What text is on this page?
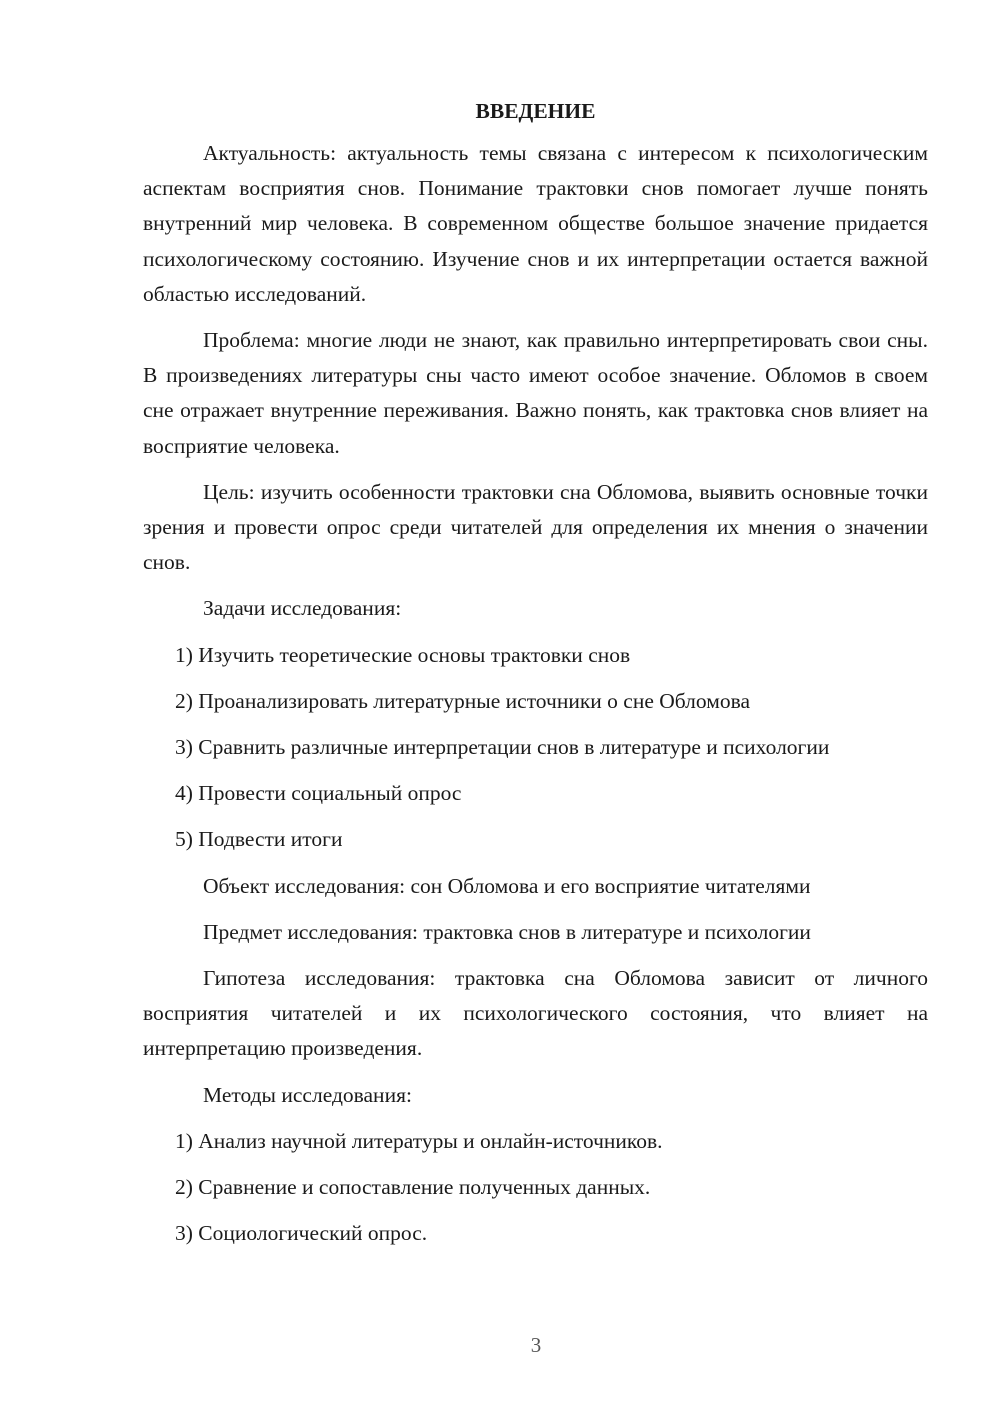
ВВЕДЕНИЕ

Актуальность: актуальность темы связана с интересом к психологическим аспектам восприятия снов. Понимание трактовки снов помогает лучше понять внутренний мир человека. В современном обществе большое значение придается психологическому состоянию. Изучение снов и их интерпретации остается важной областью исследований.

Проблема: многие люди не знают, как правильно интерпретировать свои сны. В произведениях литературы сны часто имеют особое значение. Обломов в своем сне отражает внутренние переживания. Важно понять, как трактовка снов влияет на восприятие человека.

Цель: изучить особенности трактовки сна Обломова, выявить основные точки зрения и провести опрос среди читателей для определения их мнения о значении снов.

Задачи исследования:

1) Изучить теоретические основы трактовки снов

2) Проанализировать литературные источники о сне Обломова

3) Сравнить различные интерпретации снов в литературе и психологии

4) Провести социальный опрос

5) Подвести итоги

Объект исследования: сон Обломова и его восприятие читателями

Предмет исследования: трактовка снов в литературе и психологии

Гипотеза исследования: трактовка сна Обломова зависит от личного восприятия читателей и их психологического состояния, что влияет на интерпретацию произведения.

Методы исследования:

1) Анализ научной литературы и онлайн-источников.

2) Сравнение и сопоставление полученных данных.

3) Социологический опрос.

3
